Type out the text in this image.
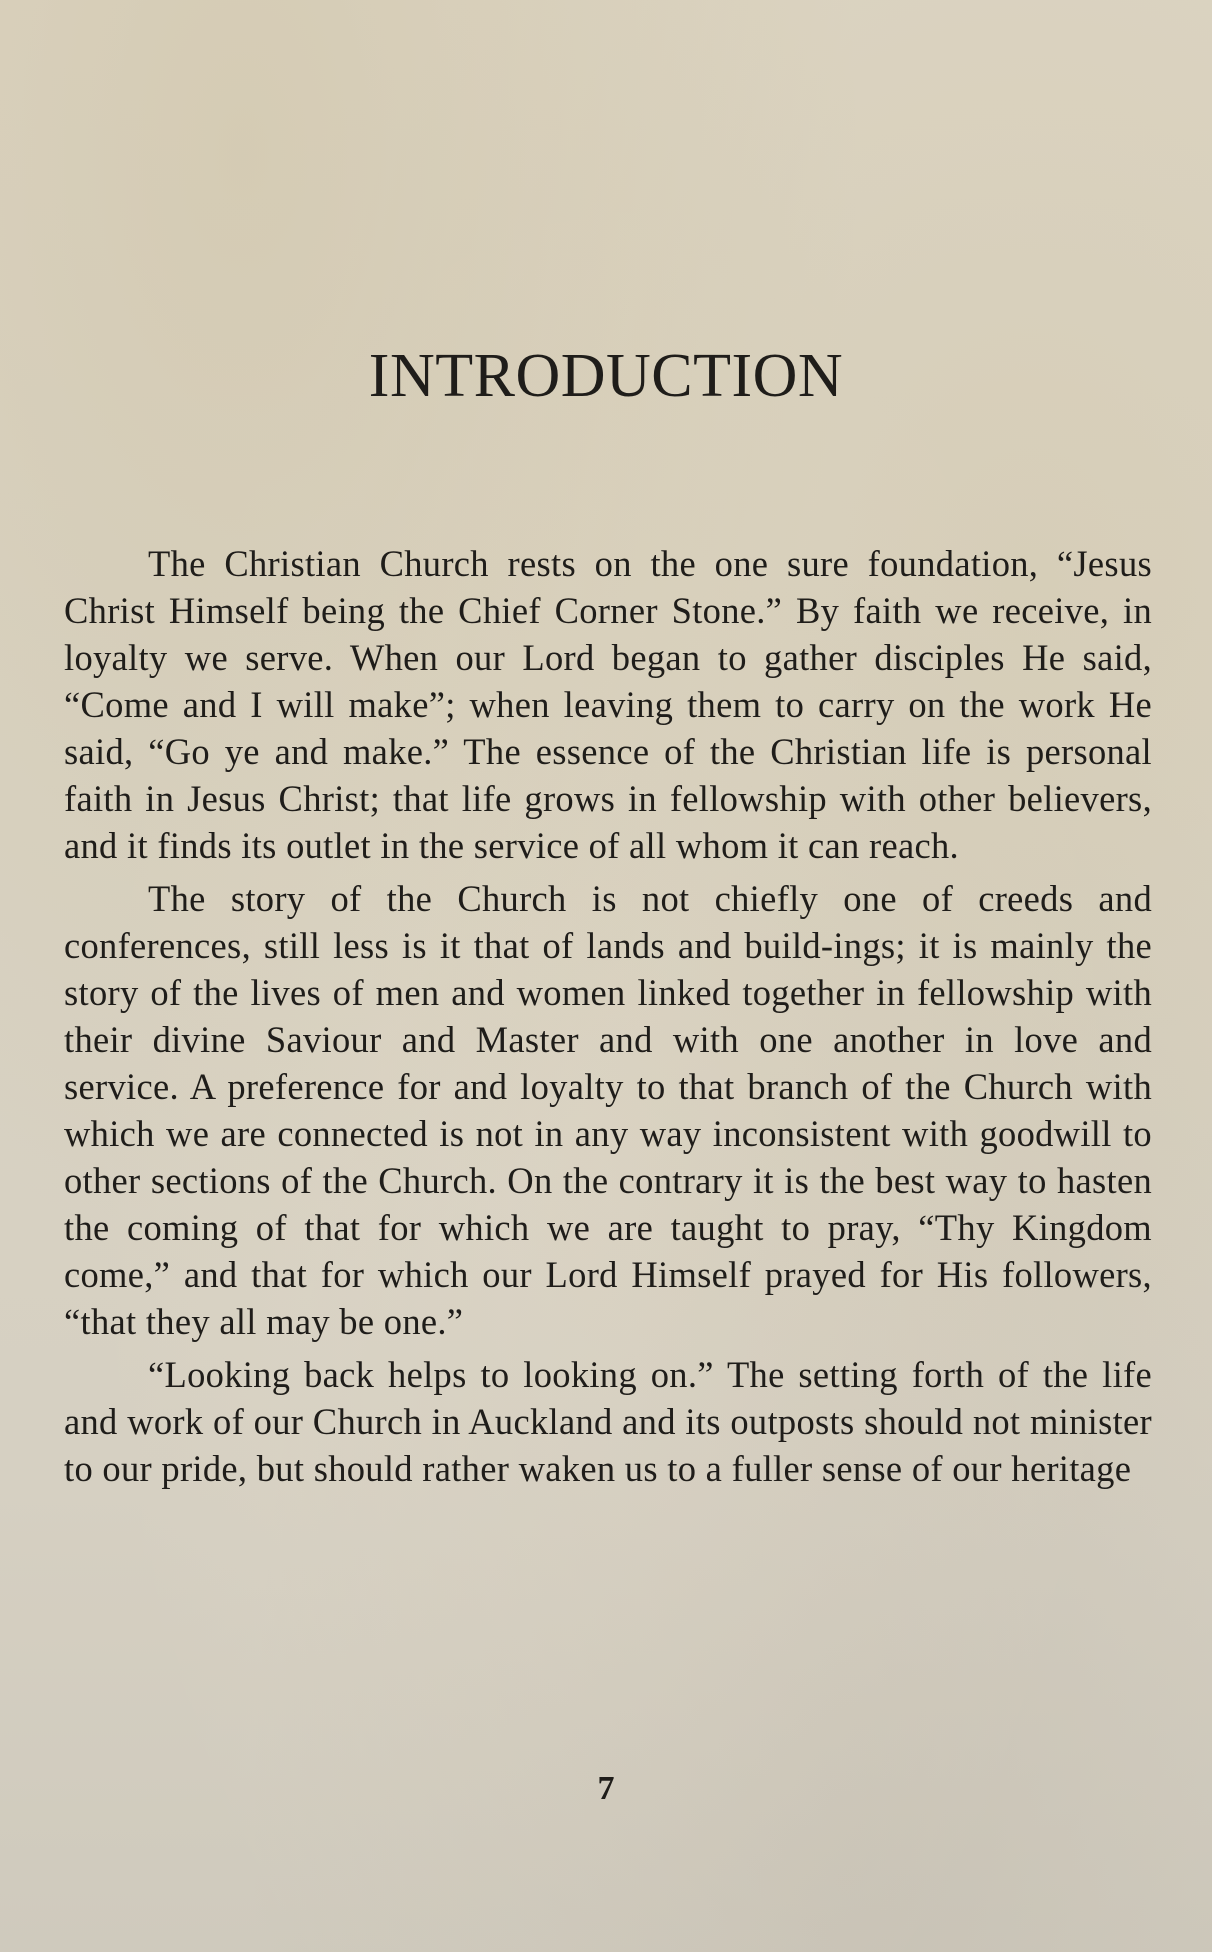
INTRODUCTION

The Christian Church rests on the one sure foundation, “Jesus Christ Himself being the Chief Corner Stone.” By faith we receive, in loyalty we serve. When our Lord began to gather disciples He said, “Come and I will make”; when leaving them to carry on the work He said, “Go ye and make.” The essence of the Christian life is personal faith in Jesus Christ; that life grows in fellowship with other believers, and it finds its outlet in the service of all whom it can reach.

The story of the Church is not chiefly one of creeds and conferences, still less is it that of lands and build-ings; it is mainly the story of the lives of men and women linked together in fellowship with their divine Saviour and Master and with one another in love and service. A preference for and loyalty to that branch of the Church with which we are connected is not in any way inconsistent with goodwill to other sections of the Church. On the contrary it is the best way to hasten the coming of that for which we are taught to pray, “Thy Kingdom come,” and that for which our Lord Himself prayed for His followers, “that they all may be one.”

“Looking back helps to looking on.” The setting forth of the life and work of our Church in Auckland and its outposts should not minister to our pride, but should rather waken us to a fuller sense of our heritage

7
